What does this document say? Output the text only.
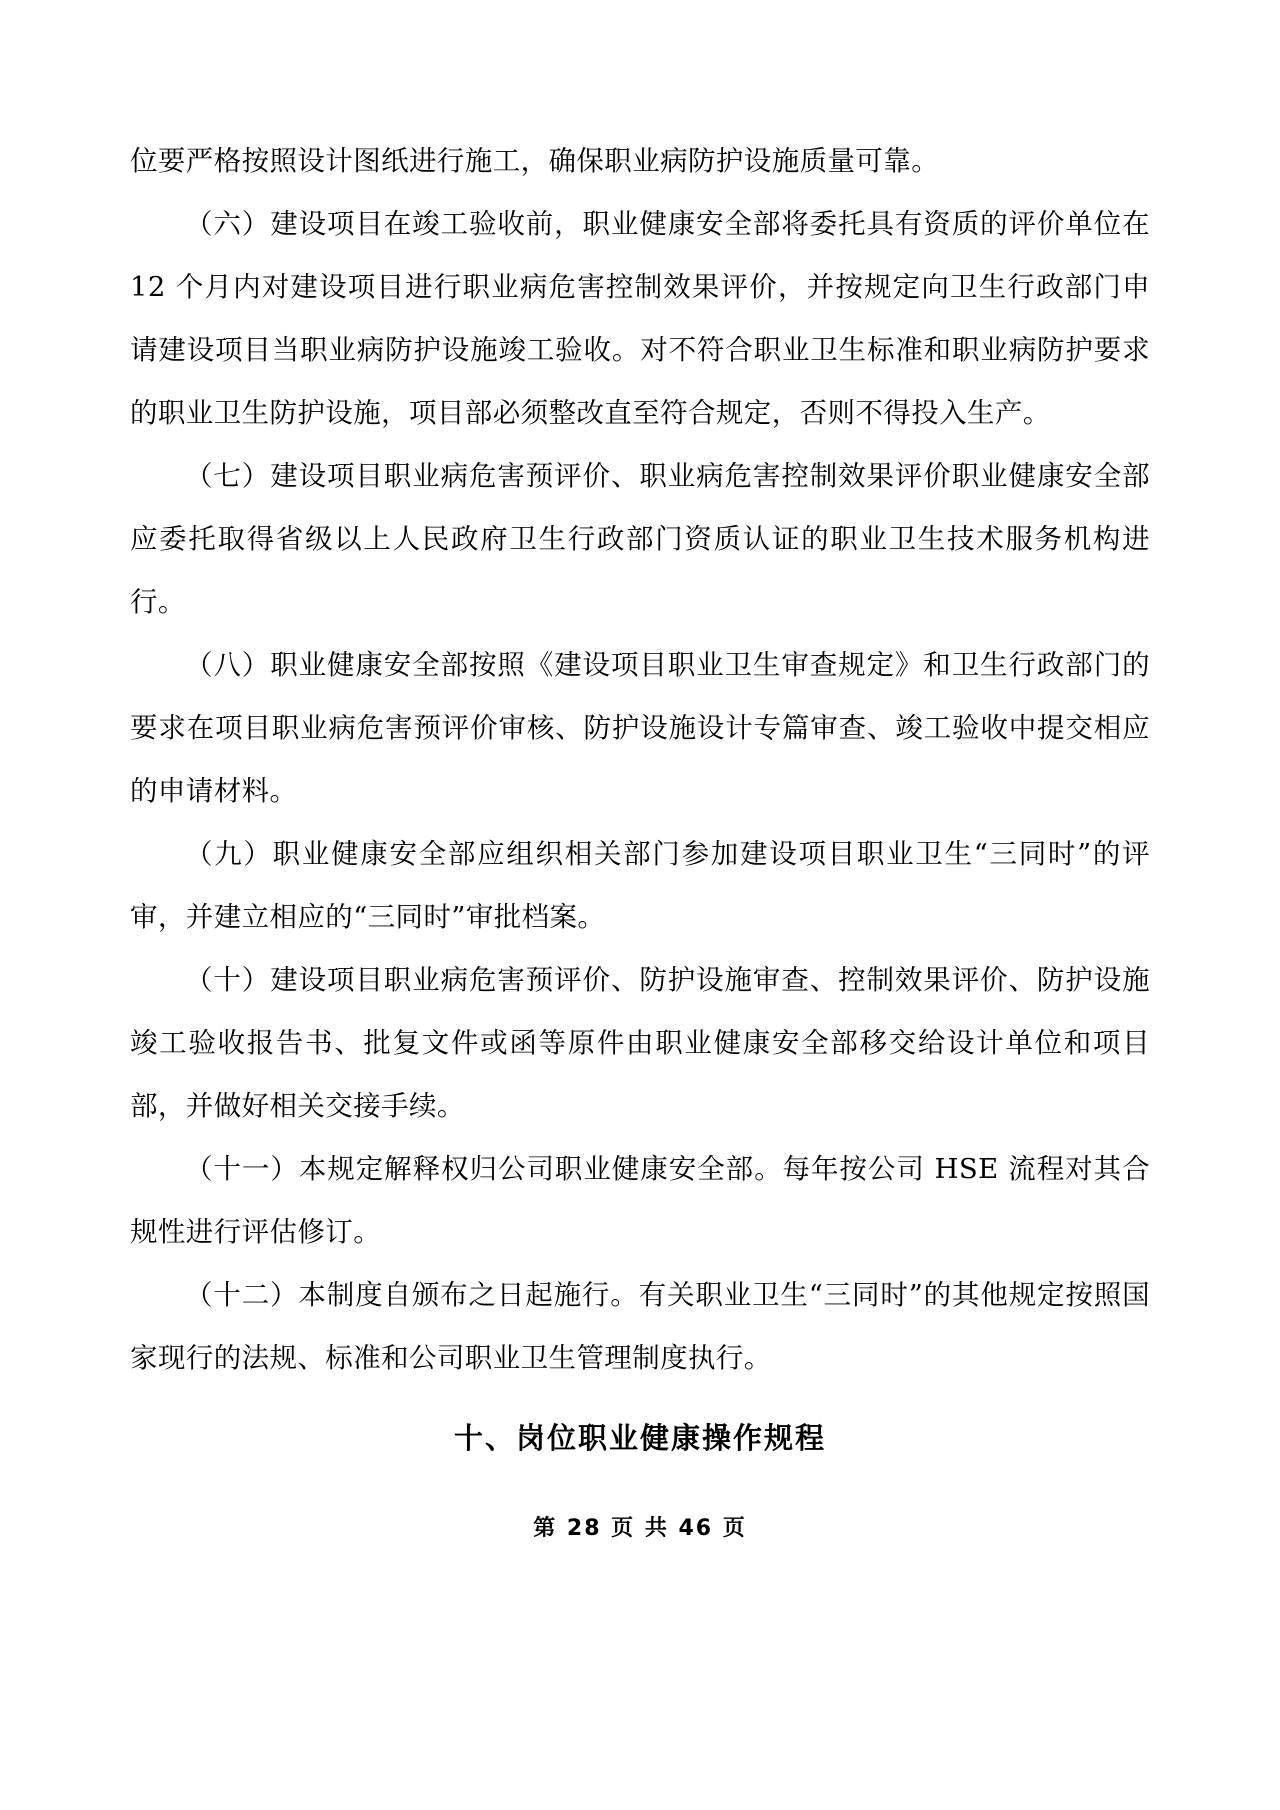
位要严格按照设计图纸进行施工，确保职业病防护设施质量可靠。

（六）建设项目在竣工验收前，职业健康安全部将委托具有资质的评价单位在 12 个月内对建设项目进行职业病危害控制效果评价，并按规定向卫生行政部门申请建设项目当职业病防护设施竣工验收。对不符合职业卫生标准和职业病防护要求的职业卫生防护设施，项目部必须整改直至符合规定，否则不得投入生产。

（七）建设项目职业病危害预评价、职业病危害控制效果评价职业健康安全部应委托取得省级以上人民政府卫生行政部门资质认证的职业卫生技术服务机构进行。

（八）职业健康安全部按照《建设项目职业卫生审查规定》和卫生行政部门的要求在项目职业病危害预评价审核、防护设施设计专篇审查、竣工验收中提交相应的申请材料。

（九）职业健康安全部应组织相关部门参加建设项目职业卫生“三同时”的评审，并建立相应的“三同时”审批档案。

（十）建设项目职业病危害预评价、防护设施审查、控制效果评价、防护设施竣工验收报告书、批复文件或函等原件由职业健康安全部移交给设计单位和项目部，并做好相关交接手续。

（十一）本规定解释权归公司职业健康安全部。每年按公司 HSE 流程对其合规性进行评估修订。

（十二）本制度自颁布之日起施行。有关职业卫生“三同时”的其他规定按照国家现行的法规、标准和公司职业卫生管理制度执行。

十、岗位职业健康操作规程
第 28 页 共 46 页
